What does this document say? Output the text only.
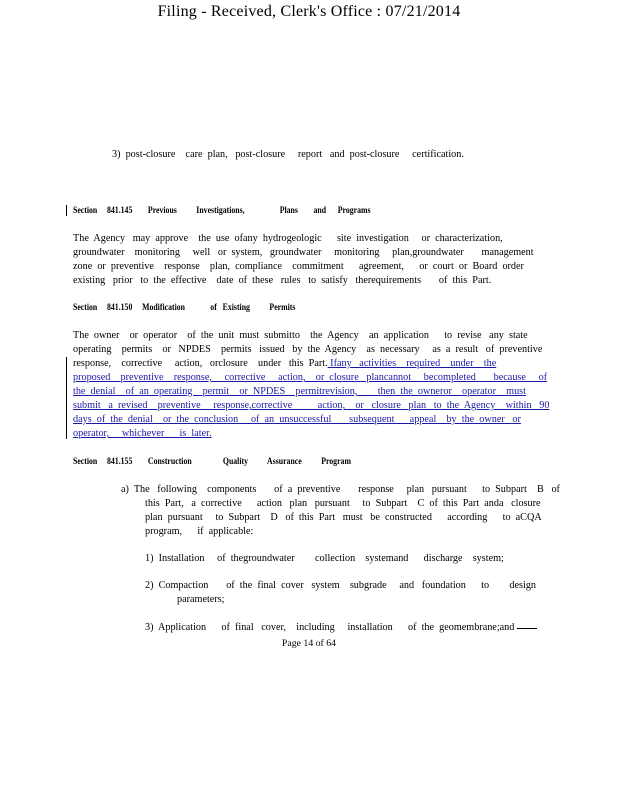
Filing - Received, Clerk's Office : 07/21/2014
3)  post-closure    care  plan,   post-closure     report   and  post-closure     certification.
Section     841.145        Previous          Investigations,                  Plans        and      Programs
The  Agency   may  approve    the  use  ofany  hydrogeologic      site  investigation     or  characterization,
groundwater    monitoring     well   or  system,   groundwater     monitoring     plan,groundwater       management
zone  or  preventive    response    plan,  compliance    commitment      agreement,      or  court  or  Board  order
existing   prior   to  the  effective    date  of  these   rules   to  satisfy   therequirements       of  this  Part.
Section     841.150     Modification             of   Existing          Permits
The  owner    or  operator    of  the  unit  must  submitto    the  Agency    an  application      to  revise   any  state
operating    permits    or   NPDES    permits   issued   by  the  Agency    as  necessary     as  a  result   of  preventive
response,    corrective     action,   orclosure    under   this  Part. Ifany   activities    required    under    the
proposed    preventive    response,     corrective     action,    or  closure   plancannot     becompleted       because     of
the  denial    of  an  operating    permit    or  NPDES    permitrevision,        then  the  owneror    operator    must
submit   a  revised    preventive     response,corrective          action,    or   closure   plan   to  the  Agency    within   90
days  of  the  denial    or  the  conclusion     of  an  unsuccessful       subsequent      appeal    by  the  owner   or
operator,     whichever      is  later.
Section     841.155        Construction                Quality          Assurance          Program
a)  The   following    components       of  a  preventive       response     plan   pursuant      to  Subpart    B   of
this  Part,   a  corrective      action   plan   pursuant     to  Subpart    C  of  this  Part  anda   closure
plan  pursuant     to  Subpart    D   of  this  Part   must   be  constructed      according      to  aCQA
program,      if  applicable:
1)  Installation     of  thegroundwater        collection    systemand      discharge    system;
2)  Compaction       of  the  final  cover   system    subgrade     and   foundation      to        design
parameters;
3)  Application      of  final   cover,    including     installation      of  the  geomembrane;and
Page 14 of 64
